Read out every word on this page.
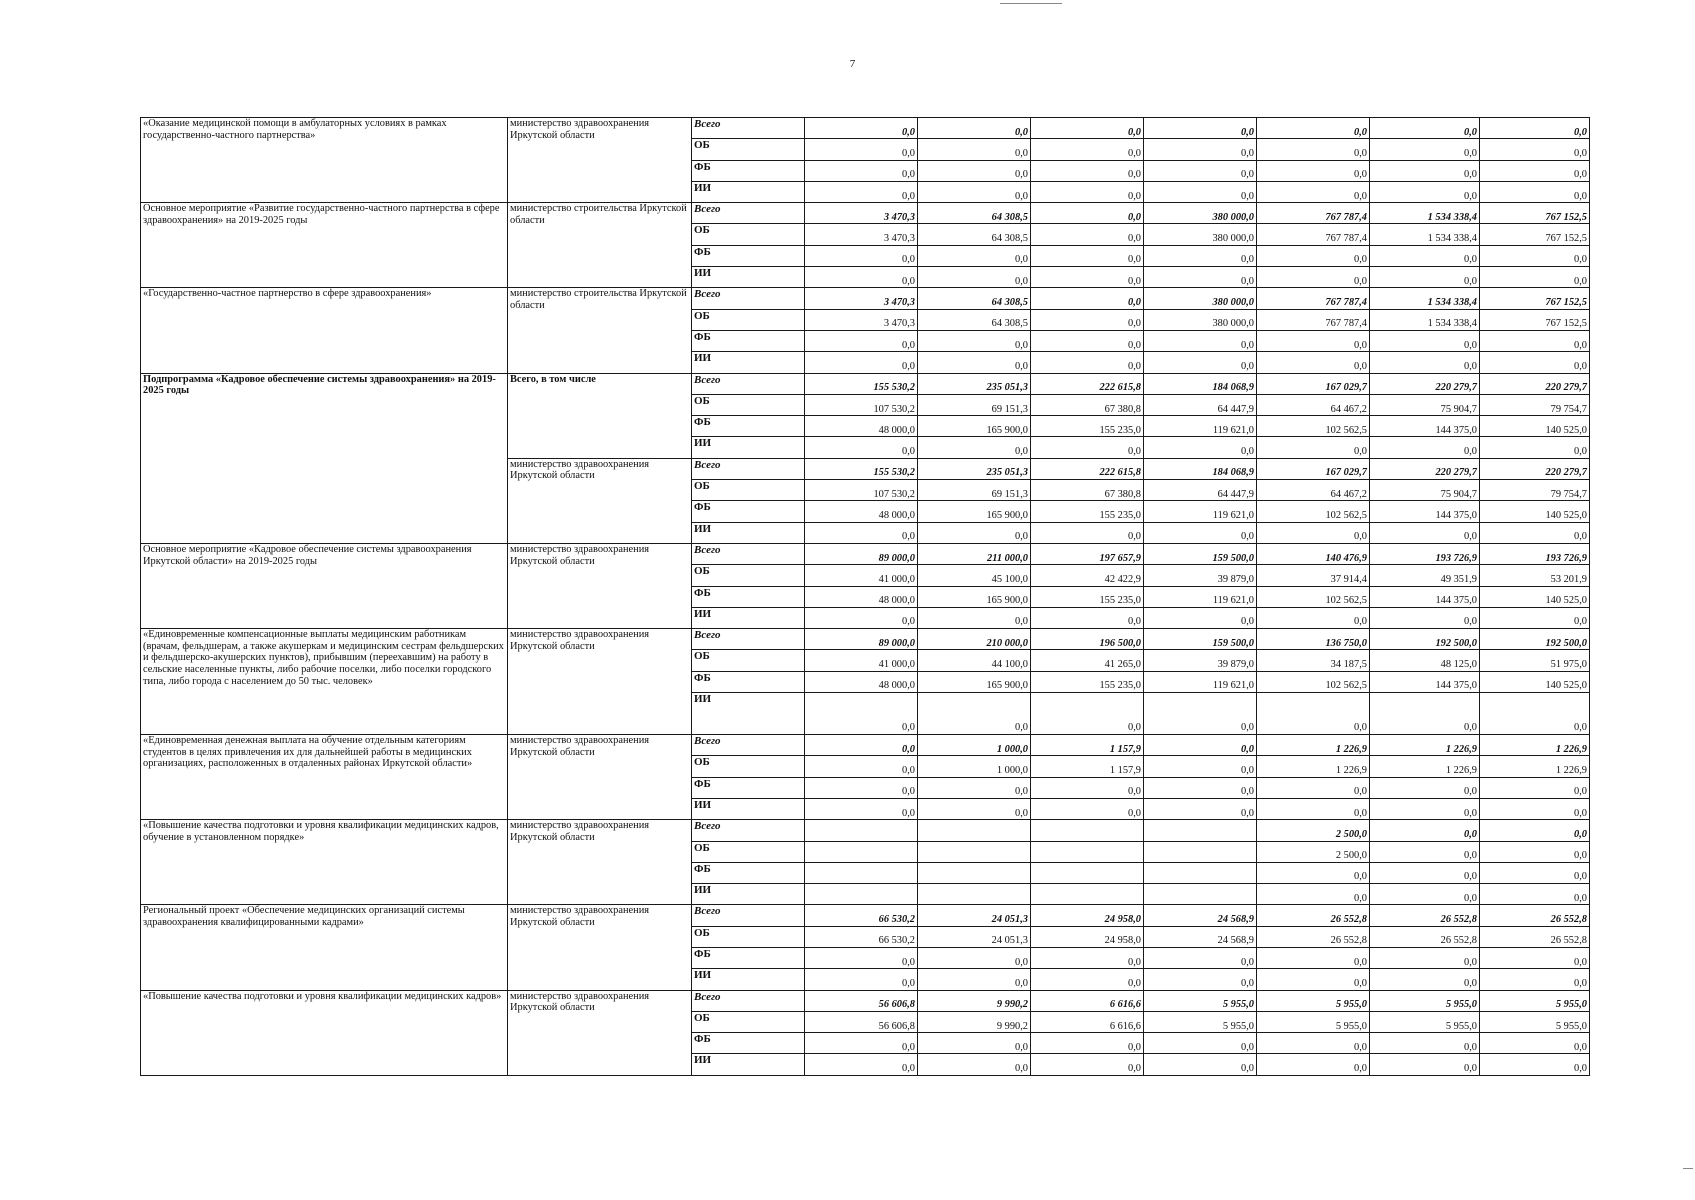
7
«Оказание медицинской помощи в амбулаторных условиях в рамках государственно-частного партнерства»	министерство здравоохранения Иркутской области	Всего	0,0	0,0	0,0	0,0	0,0	0,0	0,0
		ОБ	0,0	0,0	0,0	0,0	0,0	0,0	0,0
		ФБ	0,0	0,0	0,0	0,0	0,0	0,0	0,0
		ИИ	0,0	0,0	0,0	0,0	0,0	0,0	0,0
Основное мероприятие «Развитие государственно-частного партнерства в сфере здравоохранения» на 2019-2025 годы	министерство строительства Иркутской области	Всего	3 470,3	64 308,5	0,0	380 000,0	767 787,4	1 534 338,4	767 152,5
		ОБ	3 470,3	64 308,5	0,0	380 000,0	767 787,4	1 534 338,4	767 152,5
		ФБ	0,0	0,0	0,0	0,0	0,0	0,0	0,0
		ИИ	0,0	0,0	0,0	0,0	0,0	0,0	0,0
«Государственно-частное партнерство в сфере здравоохранения»	министерство строительства Иркутской области	Всего	3 470,3	64 308,5	0,0	380 000,0	767 787,4	1 534 338,4	767 152,5
		ОБ	3 470,3	64 308,5	0,0	380 000,0	767 787,4	1 534 338,4	767 152,5
		ФБ	0,0	0,0	0,0	0,0	0,0	0,0	0,0
		ИИ	0,0	0,0	0,0	0,0	0,0	0,0	0,0
Подпрограмма «Кадровое обеспечение системы здравоохранения» на 2019-2025 годы	Всего, в том числе	Всего	155 530,2	235 051,3	222 615,8	184 068,9	167 029,7	220 279,7	220 279,7
		ОБ	107 530,2	69 151,3	67 380,8	64 447,9	64 467,2	75 904,7	79 754,7
		ФБ	48 000,0	165 900,0	155 235,0	119 621,0	102 562,5	144 375,0	140 525,0
		ИИ	0,0	0,0	0,0	0,0	0,0	0,0	0,0
	министерство здравоохранения Иркутской области	Всего	155 530,2	235 051,3	222 615,8	184 068,9	167 029,7	220 279,7	220 279,7
		ОБ	107 530,2	69 151,3	67 380,8	64 447,9	64 467,2	75 904,7	79 754,7
		ФБ	48 000,0	165 900,0	155 235,0	119 621,0	102 562,5	144 375,0	140 525,0
		ИИ	0,0	0,0	0,0	0,0	0,0	0,0	0,0
Основное мероприятие «Кадровое обеспечение системы здравоохранения Иркутской области» на 2019-2025 годы	министерство здравоохранения Иркутской области	Всего	89 000,0	211 000,0	197 657,9	159 500,0	140 476,9	193 726,9	193 726,9
		ОБ	41 000,0	45 100,0	42 422,9	39 879,0	37 914,4	49 351,9	53 201,9
		ФБ	48 000,0	165 900,0	155 235,0	119 621,0	102 562,5	144 375,0	140 525,0
		ИИ	0,0	0,0	0,0	0,0	0,0	0,0	0,0
«Единовременные компенсационные выплаты медицинским работникам (врачам, фельдшерам, а также акушеркам и медицинским сестрам фельдшерских и фельдшерско-акушерских пунктов), прибывшим (переехавшим) на работу в сельские населенные пункты, либо рабочие поселки, либо поселки городского типа, либо города с населением до 50 тыс. человек»	министерство здравоохранения Иркутской области	Всего	89 000,0	210 000,0	196 500,0	159 500,0	136 750,0	192 500,0	192 500,0
		ОБ	41 000,0	44 100,0	41 265,0	39 879,0	34 187,5	48 125,0	51 975,0
		ФБ	48 000,0	165 900,0	155 235,0	119 621,0	102 562,5	144 375,0	140 525,0
		ИИ	0,0	0,0	0,0	0,0	0,0	0,0	0,0
«Единовременная денежная выплата на обучение отдельным категориям студентов в целях привлечения их для дальнейшей работы в медицинских организациях, расположенных в отдаленных районах Иркутской области»	министерство здравоохранения Иркутской области	Всего	0,0	1 000,0	1 157,9	0,0	1 226,9	1 226,9	1 226,9
		ОБ	0,0	1 000,0	1 157,9	0,0	1 226,9	1 226,9	1 226,9
		ФБ	0,0	0,0	0,0	0,0	0,0	0,0	0,0
		ИИ	0,0	0,0	0,0	0,0	0,0	0,0	0,0
«Повышение качества подготовки и уровня квалификации медицинских кадров, обучение в установленном порядке»	министерство здравоохранения Иркутской области	Всего					2 500,0	0,0	0,0
		ОБ					2 500,0	0,0	0,0
		ФБ					0,0	0,0	0,0
		ИИ					0,0	0,0	0,0
Региональный проект «Обеспечение медицинских организаций системы здравоохранения квалифицированными кадрами»	министерство здравоохранения Иркутской области	Всего	66 530,2	24 051,3	24 958,0	24 568,9	26 552,8	26 552,8	26 552,8
		ОБ	66 530,2	24 051,3	24 958,0	24 568,9	26 552,8	26 552,8	26 552,8
		ФБ	0,0	0,0	0,0	0,0	0,0	0,0	0,0
		ИИ	0,0	0,0	0,0	0,0	0,0	0,0	0,0
«Повышение качества подготовки и уровня квалификации медицинских кадров»	министерство здравоохранения Иркутской области	Всего	56 606,8	9 990,2	6 616,6	5 955,0	5 955,0	5 955,0	5 955,0
		ОБ	56 606,8	9 990,2	6 616,6	5 955,0	5 955,0	5 955,0	5 955,0
		ФБ	0,0	0,0	0,0	0,0	0,0	0,0	0,0
		ИИ	0,0	0,0	0,0	0,0	0,0	0,0	0,0
